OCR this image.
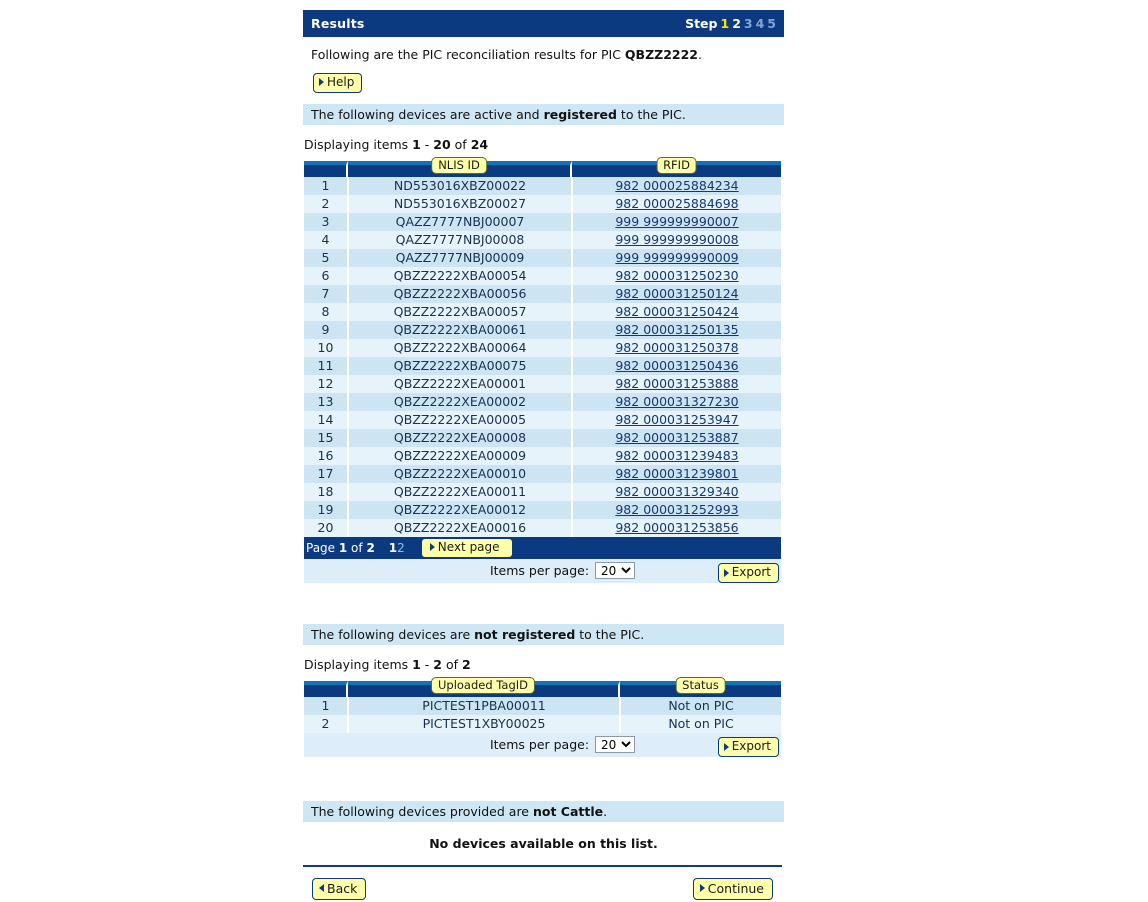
Results	Step 1 2 3 4 5
Following are the PIC reconciliation results for PIC QBZZ2222.
Help
The following devices are active and registered to the PIC.
Displaying items 1 - 20 of 24
NLIS ID	RFID
1	ND553016XBZ00022	982 000025884234
2	ND553016XBZ00027	982 000025884698
3	QAZZ7777NBJ00007	999 999999990007
4	QAZZ7777NBJ00008	999 999999990008
5	QAZZ7777NBJ00009	999 999999990009
6	QBZZ2222XBA00054	982 000031250230
7	QBZZ2222XBA00056	982 000031250124
8	QBZZ2222XBA00057	982 000031250424
9	QBZZ2222XBA00061	982 000031250135
10	QBZZ2222XBA00064	982 000031250378
11	QBZZ2222XBA00075	982 000031250436
12	QBZZ2222XEA00001	982 000031253888
13	QBZZ2222XEA00002	982 000031327230
14	QBZZ2222XEA00005	982 000031253947
15	QBZZ2222XEA00008	982 000031253887
16	QBZZ2222XEA00009	982 000031239483
17	QBZZ2222XEA00010	982 000031239801
18	QBZZ2222XEA00011	982 000031329340
19	QBZZ2222XEA00012	982 000031252993
20	QBZZ2222XEA00016	982 000031253856
Page 1 of 2 12	Next page
Items per page:
20	Export
The following devices are not registered to the PIC.
Displaying items 1 - 2 of 2
Uploaded TagID	Status
1	PICTEST1PBA00011	Not on PIC
2	PICTEST1XBY00025	Not on PIC
Items per page:
20	Export
The following devices provided are not Cattle.
No devices available on this list.
Back	Continue
